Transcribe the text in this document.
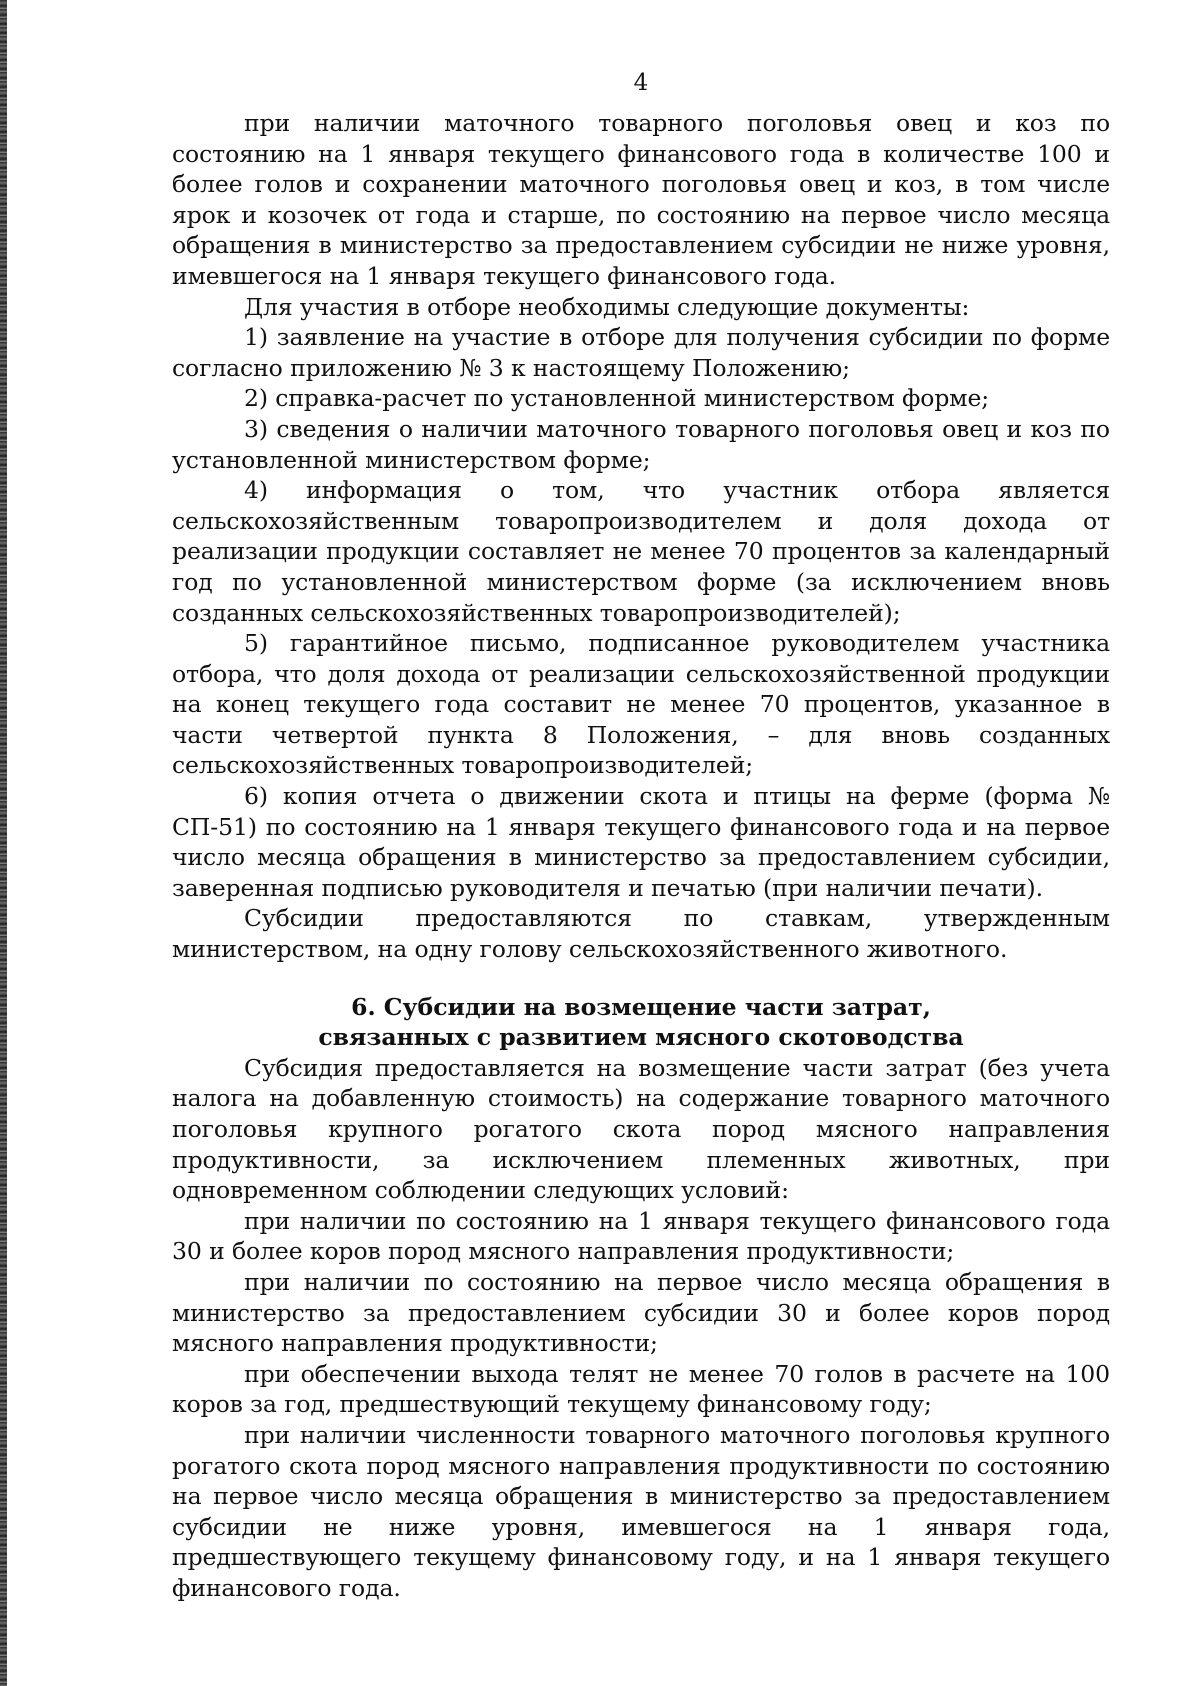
4

при наличии маточного товарного поголовья овец и коз по состоянию на 1 января текущего финансового года в количестве 100 и более голов и сохранении маточного поголовья овец и коз, в том числе ярок и козочек от года и старше, по состоянию на первое число месяца обращения в министерство за предоставлением субсидии не ниже уровня, имевшегося на 1 января текущего финансового года.

Для участия в отборе необходимы следующие документы:

1) заявление на участие в отборе для получения субсидии по форме согласно приложению № 3 к настоящему Положению;

2) справка-расчет по установленной министерством форме;

3) сведения о наличии маточного товарного поголовья овец и коз по установленной министерством форме;

4) информация о том, что участник отбора является сельскохозяйственным товаропроизводителем и доля дохода от реализации продукции составляет не менее 70 процентов за календарный год по установленной министерством форме (за исключением вновь созданных сельскохозяйственных товаропроизводителей);

5) гарантийное письмо, подписанное руководителем участника отбора, что доля дохода от реализации сельскохозяйственной продукции на конец текущего года составит не менее 70 процентов, указанное в части четвертой пункта 8 Положения, – для вновь созданных сельскохозяйственных товаропроизводителей;

6) копия отчета о движении скота и птицы на ферме (форма № СП-51) по состоянию на 1 января текущего финансового года и на первое число месяца обращения в министерство за предоставлением субсидии, заверенная подписью руководителя и печатью (при наличии печати).

Субсидии предоставляются по ставкам, утвержденным министерством, на одну голову сельскохозяйственного животного.

6. Субсидии на возмещение части затрат,
связанных с развитием мясного скотоводства

Субсидия предоставляется на возмещение части затрат (без учета налога на добавленную стоимость) на содержание товарного маточного поголовья крупного рогатого скота пород мясного направления продуктивности, за исключением племенных животных, при одновременном соблюдении следующих условий:

при наличии по состоянию на 1 января текущего финансового года 30 и более коров пород мясного направления продуктивности;

при наличии по состоянию на первое число месяца обращения в министерство за предоставлением субсидии 30 и более коров пород мясного направления продуктивности;

при обеспечении выхода телят не менее 70 голов в расчете на 100 коров за год, предшествующий текущему финансовому году;

при наличии численности товарного маточного поголовья крупного рогатого скота пород мясного направления продуктивности по состоянию на первое число месяца обращения в министерство за предоставлением субсидии не ниже уровня, имевшегося на 1 января года, предшествующего текущему финансовому году, и на 1 января текущего финансового года.
